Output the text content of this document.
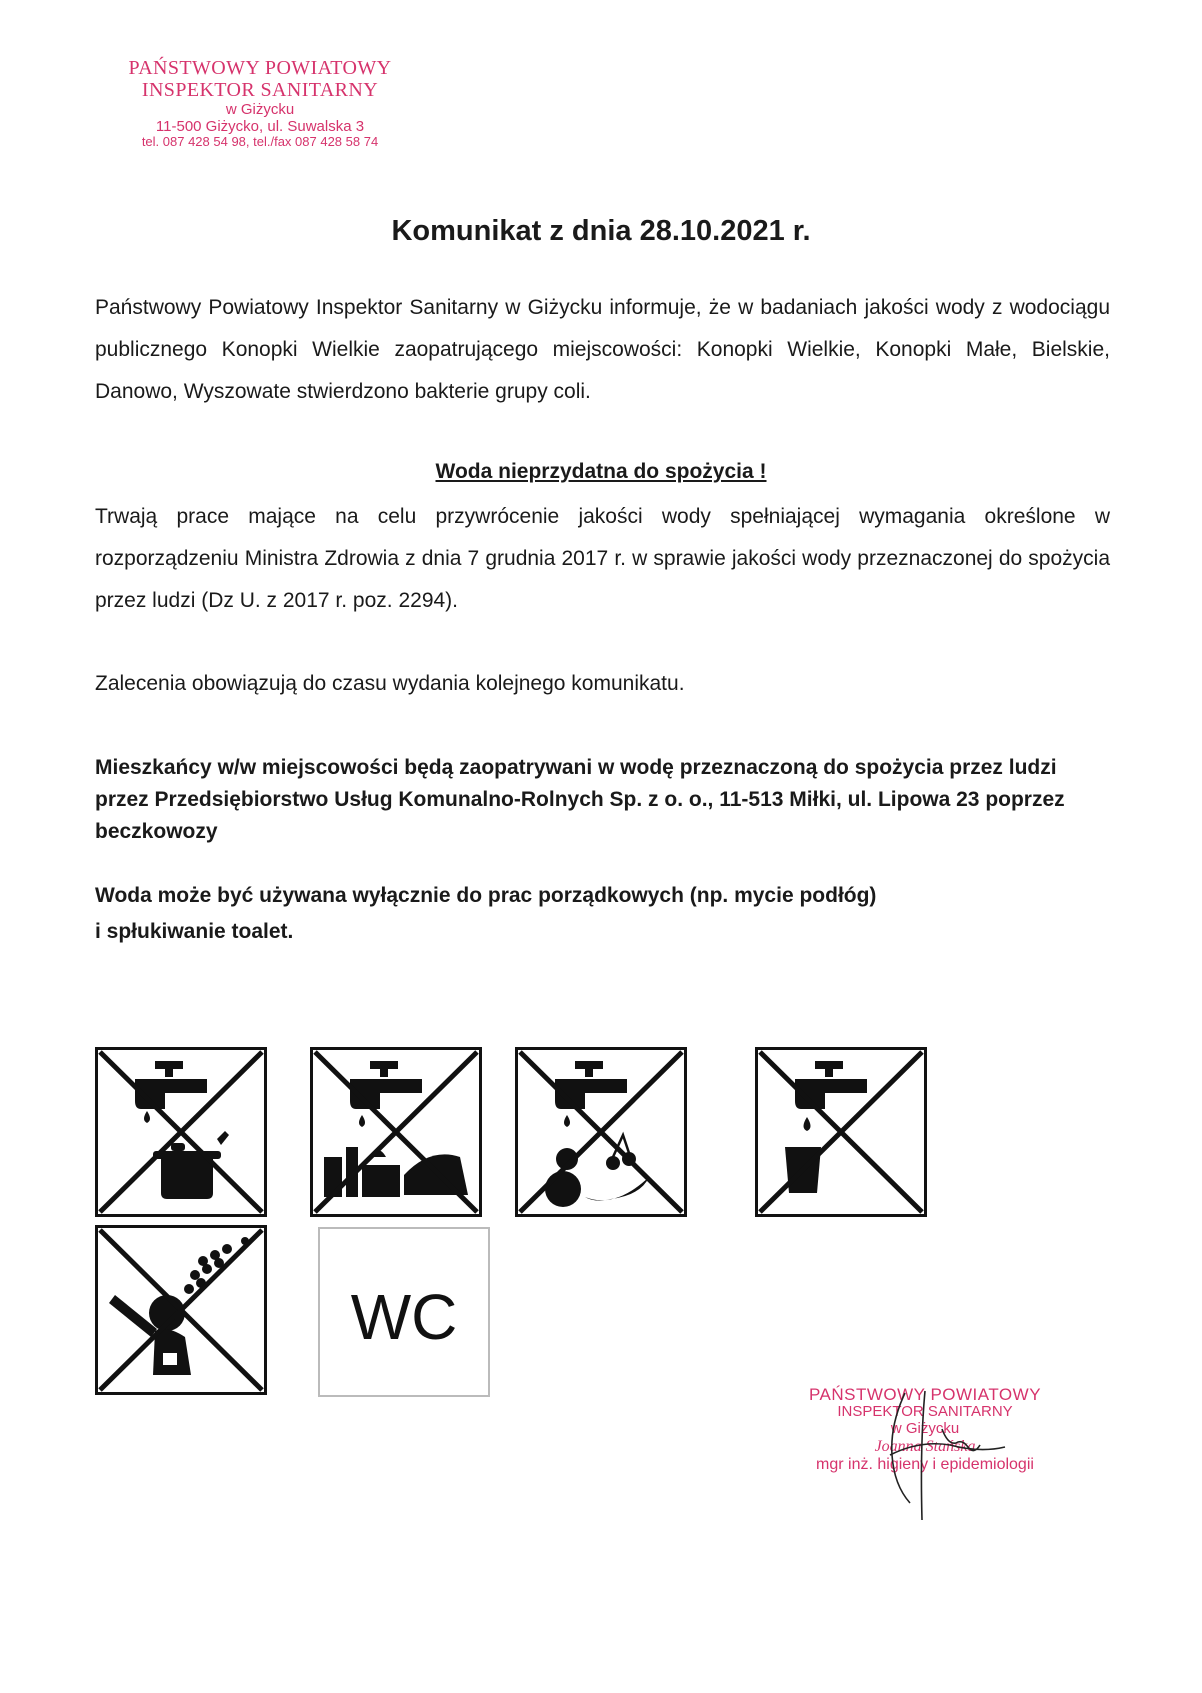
PAŃSTWOWY POWIATOWY
INSPEKTOR SANITARNY
w Giżycku
11-500 Giżycko, ul. Suwalska 3
tel. 087 428 54 98, tel./fax 087 428 58 74
Komunikat z dnia 28.10.2021 r.

Państwowy Powiatowy Inspektor Sanitarny w Giżycku informuje, że w badaniach jakości wody z wodociągu publicznego Konopki Wielkie zaopatrującego miejscowości: Konopki Wielkie, Konopki Małe, Bielskie, Danowo, Wyszowate stwierdzono bakterie grupy coli.

Woda nieprzydatna do spożycia !

Trwają prace mające na celu przywrócenie jakości wody spełniającej wymagania określone w rozporządzeniu Ministra Zdrowia z dnia 7 grudnia 2017 r. w sprawie jakości wody przeznaczonej do spożycia przez ludzi (Dz U. z 2017 r. poz. 2294).

Zalecenia obowiązują do czasu wydania kolejnego komunikatu.

Mieszkańcy w/w miejscowości będą zaopatrywani w wodę przeznaczoną do spożycia przez ludzi przez Przedsiębiorstwo Usług Komunalno-Rolnych Sp. z o. o., 11-513 Miłki, ul. Lipowa 23 poprzez beczkowozy

Woda może być używana wyłącznie do prac porządkowych (np. mycie podłóg)

i spłukiwanie toalet.

WC
PAŃSTWOWY POWIATOWY
INSPEKTOR SANITARNY
w Giżycku
Joanna Stańska
mgr inż. higieny i epidemiologii
